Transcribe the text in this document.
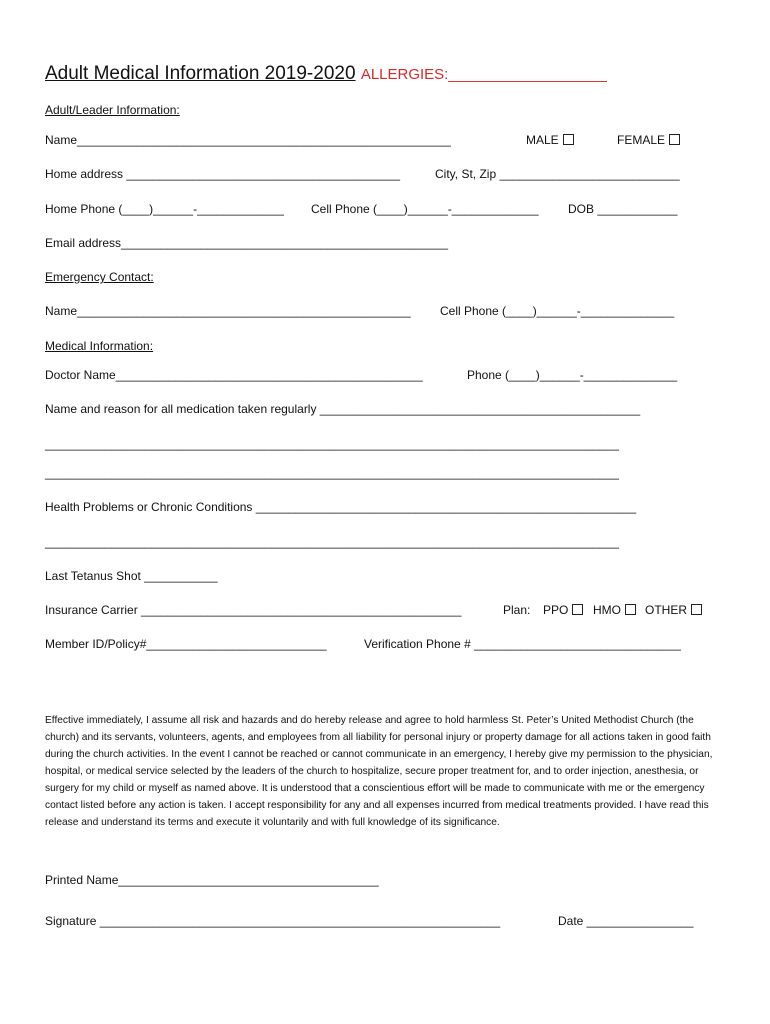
Adult Medical Information 2019-2020 ALLERGIES:___________________
Adult/Leader Information:
Name________________________________________________________	MALE	FEMALE
Home address _________________________________________	City, St, Zip ___________________________
Home Phone (____)______-_____________ Cell Phone (____)______-_____________ DOB ____________
Email address_________________________________________________
Emergency Contact:
Name__________________________________________________ Cell Phone (____)______-______________
Medical Information:
Doctor Name______________________________________________	Phone (____)______-______________
Name and reason for all medication taken regularly ________________________________________________
______________________________________________________________________________________
______________________________________________________________________________________
Health Problems or Chronic Conditions _________________________________________________________
______________________________________________________________________________________
Last Tetanus Shot ___________
Insurance Carrier ________________________________________________	Plan: PPO	HMO	OTHER
Member ID/Policy#___________________________	Verification Phone # _______________________________
Effective immediately, I assume all risk and hazards and do hereby release and agree to hold harmless St. Peter’s United Methodist Church (the church) and its servants, volunteers, agents, and employees from all liability for personal injury or property damage for all actions taken in good faith during the church activities. In the event I cannot be reached or cannot communicate in an emergency, I hereby give my permission to the physician, hospital, or medical service selected by the leaders of the church to hospitalize, secure proper treatment for, and to order injection, anesthesia, or surgery for my child or myself as named above. It is understood that a conscientious effort will be made to communicate with me or the emergency contact listed before any action is taken. I accept responsibility for any and all expenses incurred from medical treatments provided. I have read this release and understand its terms and execute it voluntarily and with full knowledge of its significance.
Printed Name_______________________________________
Signature ____________________________________________________________	Date ________________
